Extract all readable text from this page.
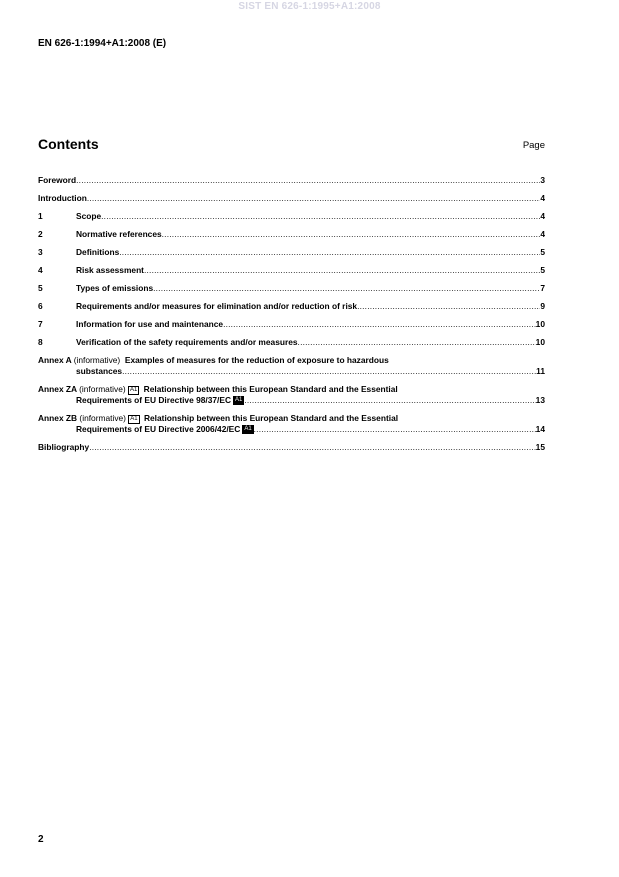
SIST EN 626-1:1995+A1:2008
EN 626-1:1994+A1:2008 (E)
Contents	Page
Foreword .....	3
Introduction .....	4
1	Scope .....	4
2	Normative references .....	4
3	Definitions .....	5
4	Risk assessment .....	5
5	Types of emissions .....	7
6	Requirements and/or measures for elimination and/or reduction of risk .....	9
7	Information for use and maintenance .....	10
8	Verification of the safety requirements and/or measures .....	10
Annex A (informative) Examples of measures for the reduction of exposure to hazardous
substances .....	11
Annex ZA (informative) A1 Relationship between this European Standard and the Essential
Requirements of EU Directive 98/37/EC A1 .....	13
Annex ZB (informative) A1 Relationship between this European Standard and the Essential
Requirements of EU Directive 2006/42/EC A1 .....	14
Bibliography .....	15
2
